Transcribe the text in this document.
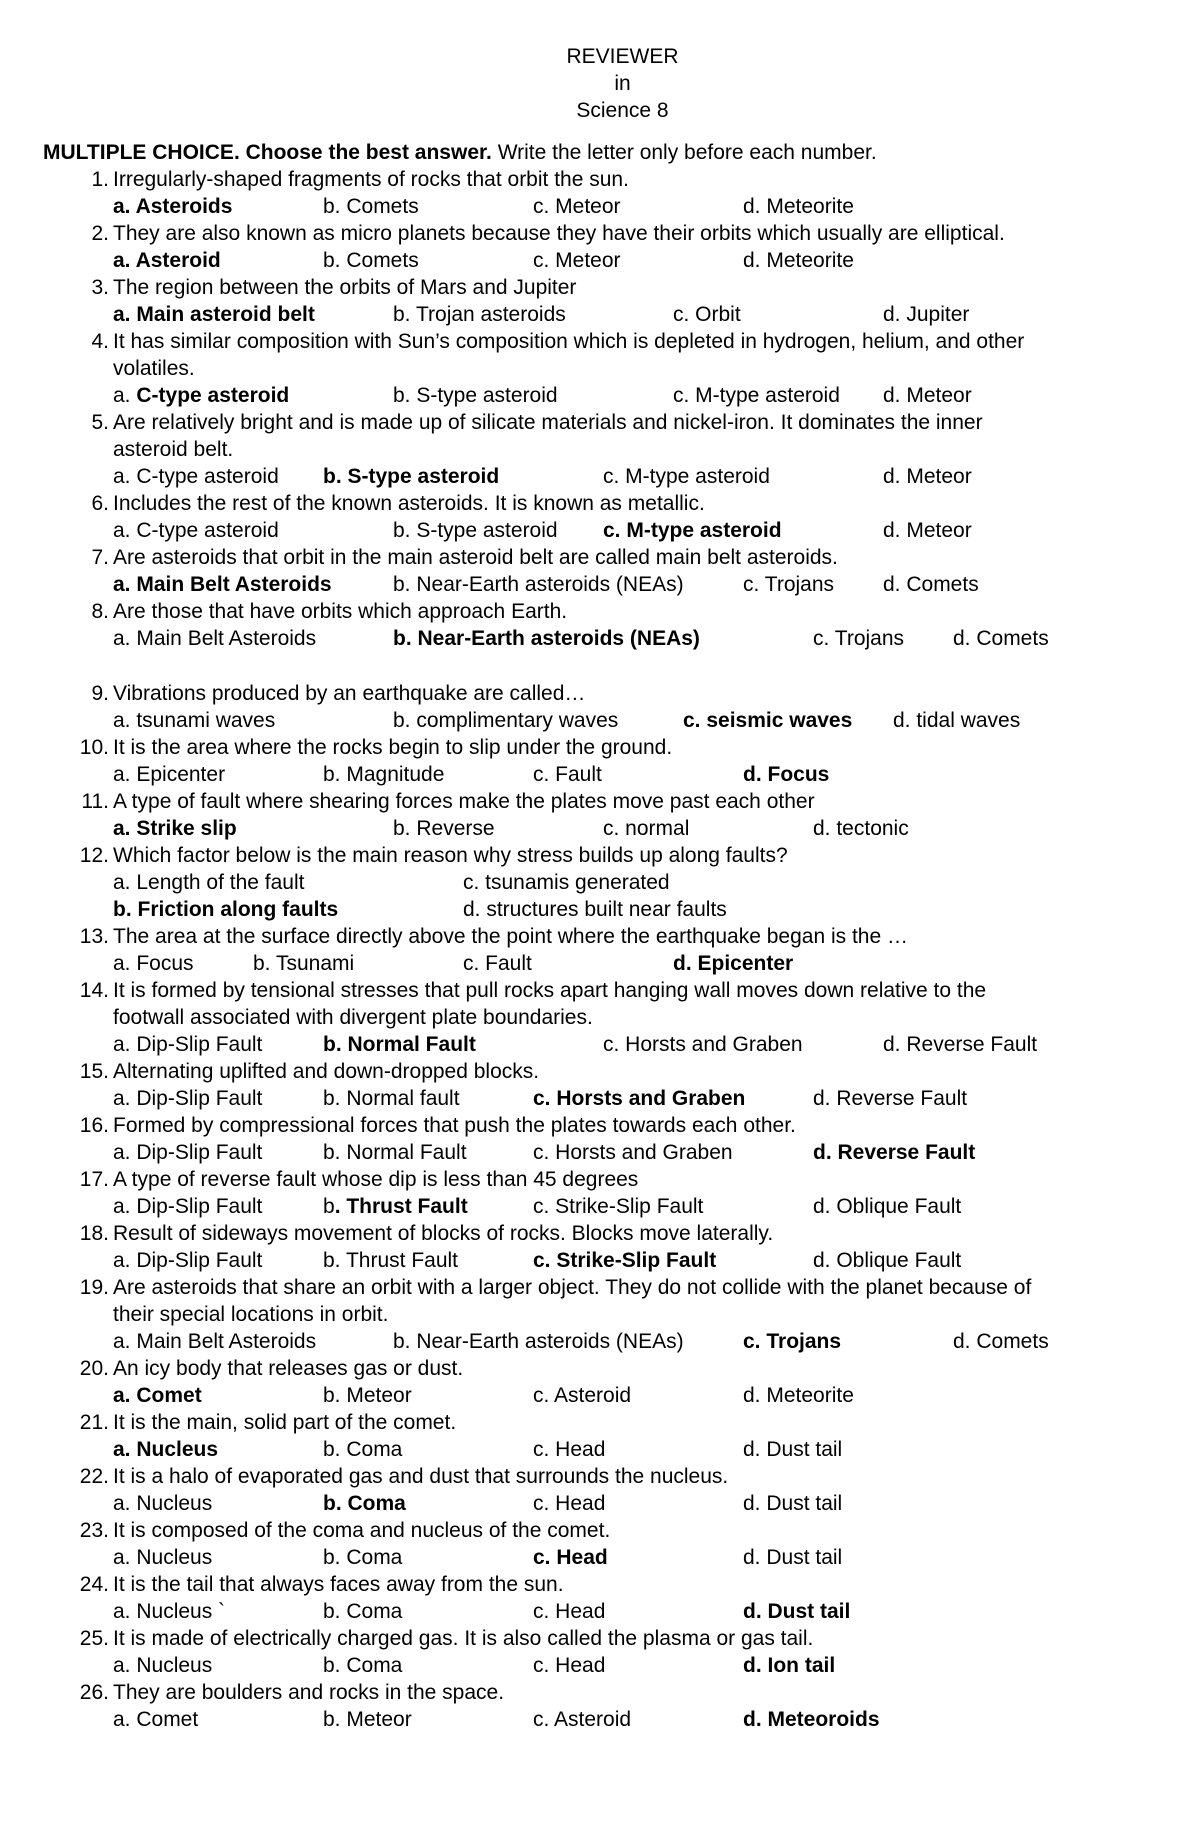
REVIEWER
in
Science 8
MULTIPLE CHOICE. Choose the best answer. Write the letter only before each number.
1. Irregularly-shaped fragments of rocks that orbit the sun.
a. Asteroids	b. Comets	c. Meteor	d. Meteorite
2. They are also known as micro planets because they have their orbits which usually are elliptical.
a. Asteroid	b. Comets	c. Meteor	d. Meteorite
3. The region between the orbits of Mars and Jupiter
a. Main asteroid belt	b. Trojan asteroids	c. Orbit	d. Jupiter
4. It has similar composition with Sun’s composition which is depleted in hydrogen, helium, and other
volatiles.
a. C-type asteroid	b. S-type asteroid	c. M-type asteroid d. Meteor
5. Are relatively bright and is made up of silicate materials and nickel-iron. It dominates the inner
asteroid belt.
a. C-type asteroid b. S-type asteroid	c. M-type asteroid	d. Meteor
6. Includes the rest of the known asteroids. It is known as metallic.
a. C-type asteroid	b. S-type asteroid c. M-type asteroid	d. Meteor
7. Are asteroids that orbit in the main asteroid belt are called main belt asteroids.
a. Main Belt Asteroids	b. Near-Earth asteroids (NEAs)	c. Trojans d. Comets
8. Are those that have orbits which approach Earth.
a. Main Belt Asteroids	b. Near-Earth asteroids (NEAs)	c. Trojans d. Comets
9. Vibrations produced by an earthquake are called…
a. tsunami waves	b. complimentary waves	c. seismic waves d. tidal waves
10. It is the area where the rocks begin to slip under the ground.
a. Epicenter	b. Magnitude	c. Fault	d. Focus
11. A type of fault where shearing forces make the plates move past each other
a. Strike slip	b. Reverse	c. normal	d. tectonic
12. Which factor below is the main reason why stress builds up along faults?
a. Length of the fault	c. tsunamis generated
b. Friction along faults	d. structures built near faults
13. The area at the surface directly above the point where the earthquake began is the …
a. Focus	b. Tsunami	c. Fault	d. Epicenter
14. It is formed by tensional stresses that pull rocks apart hanging wall moves down relative to the
footwall associated with divergent plate boundaries.
a. Dip-Slip Fault	b. Normal Fault	c. Horsts and Graben	d. Reverse Fault
15. Alternating uplifted and down-dropped blocks.
a. Dip-Slip Fault	b. Normal fault	c. Horsts and Graben	d. Reverse Fault
16. Formed by compressional forces that push the plates towards each other.
a. Dip-Slip Fault	b. Normal Fault	c. Horsts and Graben	d. Reverse Fault
17. A type of reverse fault whose dip is less than 45 degrees
a. Dip-Slip Fault	b. Thrust Fault	c. Strike-Slip Fault	d. Oblique Fault
18. Result of sideways movement of blocks of rocks. Blocks move laterally.
a. Dip-Slip Fault	b. Thrust Fault	c. Strike-Slip Fault	d. Oblique Fault
19. Are asteroids that share an orbit with a larger object. They do not collide with the planet because of
their special locations in orbit.
a. Main Belt Asteroids	b. Near-Earth asteroids (NEAs)	c. Trojans	d. Comets
20. An icy body that releases gas or dust.
a. Comet	b. Meteor	c. Asteroid	d. Meteorite
21. It is the main, solid part of the comet.
a. Nucleus	b. Coma	c. Head	d. Dust tail
22. It is a halo of evaporated gas and dust that surrounds the nucleus.
a. Nucleus	b. Coma	c. Head	d. Dust tail
23. It is composed of the coma and nucleus of the comet.
a. Nucleus	b. Coma	c. Head	d. Dust tail
24. It is the tail that always faces away from the sun.
a. Nucleus `	b. Coma	c. Head	d. Dust tail
25. It is made of electrically charged gas. It is also called the plasma or gas tail.
a. Nucleus	b. Coma	c. Head	d. Ion tail
26. They are boulders and rocks in the space.
a. Comet	b. Meteor	c. Asteroid	d. Meteoroids
